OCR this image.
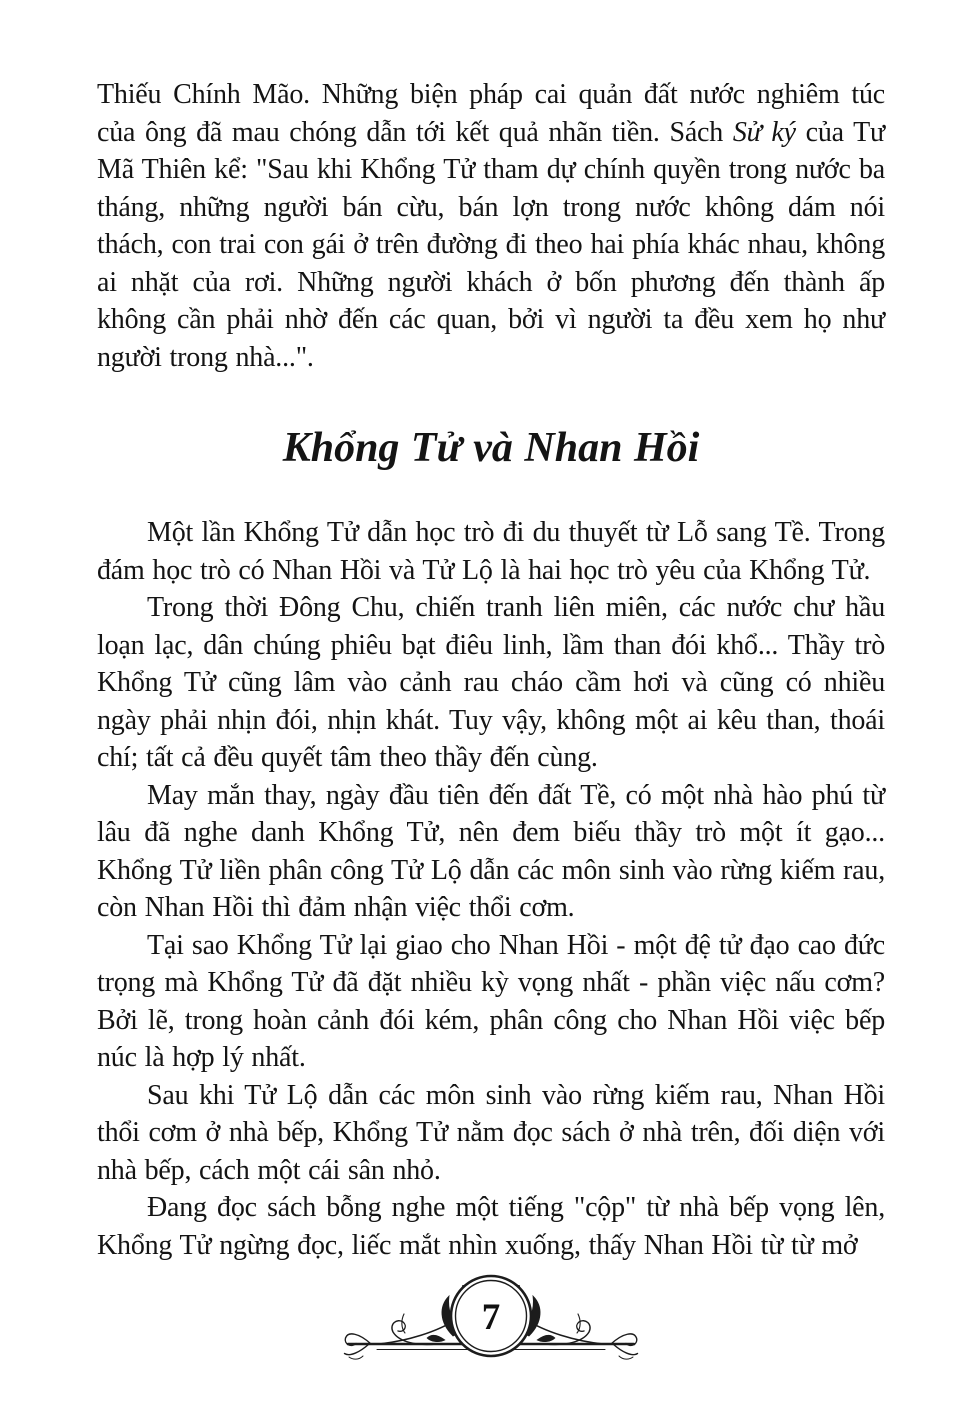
Thiếu Chính Mão. Những biện pháp cai quản đất nước nghiêm túc của ông đã mau chóng dẫn tới kết quả nhãn tiền. Sách Sử ký của Tư Mã Thiên kể: "Sau khi Khổng Tử tham dự chính quyền trong nước ba tháng, những người bán cừu, bán lợn trong nước không dám nói thách, con trai con gái ở trên đường đi theo hai phía khác nhau, không ai nhặt của rơi. Những người khách ở bốn phương đến thành ấp không cần phải nhờ đến các quan, bởi vì người ta đều xem họ như người trong nhà...".

Khổng Tử và Nhan Hồi

Một lần Khổng Tử dẫn học trò đi du thuyết từ Lỗ sang Tề. Trong đám học trò có Nhan Hồi và Tử Lộ là hai học trò yêu của Khổng Tử.

Trong thời Đông Chu, chiến tranh liên miên, các nước chư hầu loạn lạc, dân chúng phiêu bạt điêu linh, lầm than đói khổ... Thầy trò Khổng Tử cũng lâm vào cảnh rau cháo cầm hơi và cũng có nhiều ngày phải nhịn đói, nhịn khát. Tuy vậy, không một ai kêu than, thoái chí; tất cả đều quyết tâm theo thầy đến cùng.

May mắn thay, ngày đầu tiên đến đất Tề, có một nhà hào phú từ lâu đã nghe danh Khổng Tử, nên đem biếu thầy trò một ít gạo... Khổng Tử liền phân công Tử Lộ dẫn các môn sinh vào rừng kiếm rau, còn Nhan Hồi thì đảm nhận việc thổi cơm.

Tại sao Khổng Tử lại giao cho Nhan Hồi - một đệ tử đạo cao đức trọng mà Khổng Tử đã đặt nhiều kỳ vọng nhất - phần việc nấu cơm? Bởi lẽ, trong hoàn cảnh đói kém, phân công cho Nhan Hồi việc bếp núc là hợp lý nhất.

Sau khi Tử Lộ dẫn các môn sinh vào rừng kiếm rau, Nhan Hồi thổi cơm ở nhà bếp, Khổng Tử nằm đọc sách ở nhà trên, đối diện với nhà bếp, cách một cái sân nhỏ.

Đang đọc sách bỗng nghe một tiếng "cộp" từ nhà bếp vọng lên, Khổng Tử ngừng đọc, liếc mắt nhìn xuống, thấy Nhan Hồi từ từ mở

7
